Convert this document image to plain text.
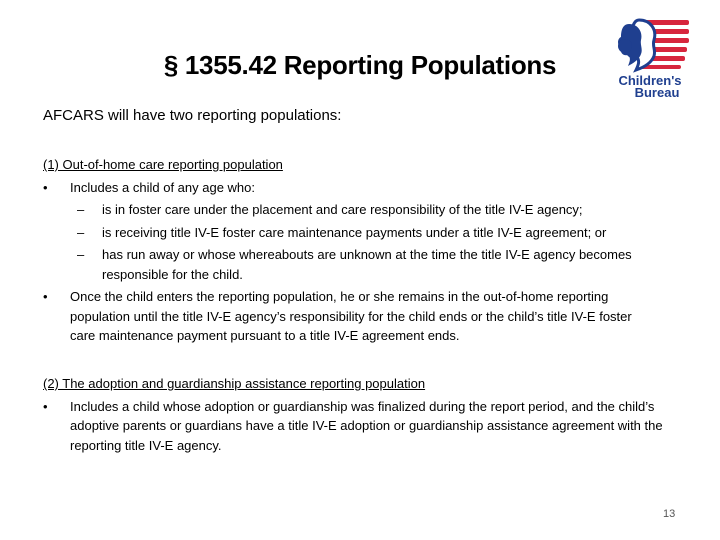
§ 1355.42 Reporting Populations
Children's
Bureau
AFCARS will have two reporting populations:
(1) Out-of-home care reporting population
• Includes a child of any age who:
– is in foster care under the placement and care responsibility of the title IV-E agency;
– is receiving title IV-E foster care maintenance payments under a title IV-E agreement; or
– has run away or whose whereabouts are unknown at the time the title IV-E agency becomes responsible for the child.
• Once the child enters the reporting population, he or she remains in the out-of-home reporting population until the title IV-E agency’s responsibility for the child ends or the child’s title IV-E foster care maintenance payment pursuant to a title IV-E agreement ends.
(2) The adoption and guardianship assistance reporting population
• Includes a child whose adoption or guardianship was finalized during the report period, and the child’s adoptive parents or guardians have a title IV-E adoption or guardianship assistance agreement with the reporting title IV-E agency.
13
